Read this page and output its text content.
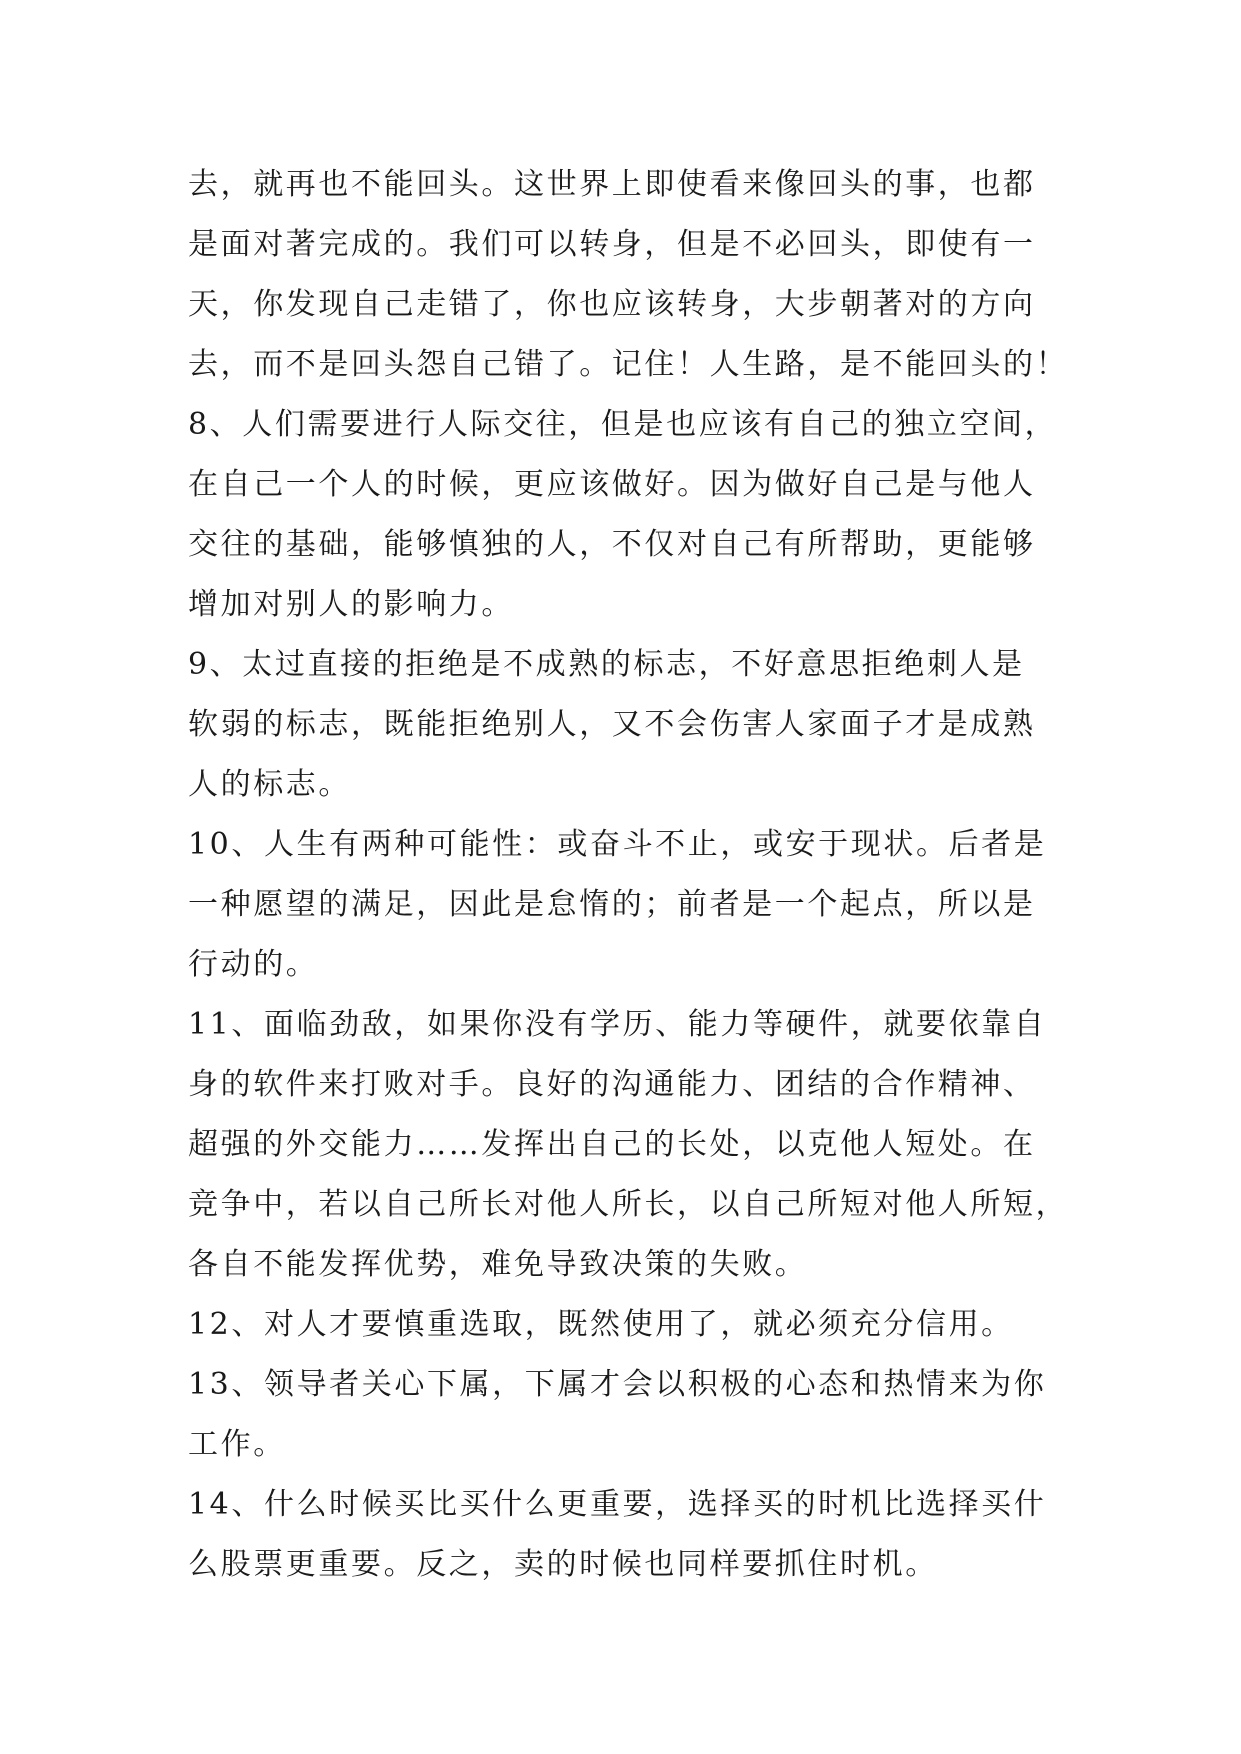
去，就再也不能回头。这世界上即使看来像回头的事，也都

是面对著完成的。我们可以转身，但是不必回头，即使有一

天，你发现自己走错了，你也应该转身，大步朝著对的方向

去，而不是回头怨自己错了。记住！人生路，是不能回头的！

8、人们需要进行人际交往，但是也应该有自己的独立空间，

在自己一个人的时候，更应该做好。因为做好自己是与他人

交往的基础，能够慎独的人，不仅对自己有所帮助，更能够

增加对别人的影响力。

9、太过直接的拒绝是不成熟的标志，不好意思拒绝刺人是

软弱的标志，既能拒绝别人，又不会伤害人家面子才是成熟

人的标志。

10、人生有两种可能性：或奋斗不止，或安于现状。后者是

一种愿望的满足，因此是怠惰的；前者是一个起点，所以是

行动的。

11、面临劲敌，如果你没有学历、能力等硬件，就要依靠自

身的软件来打败对手。良好的沟通能力、团结的合作精神、

超强的外交能力……发挥出自己的长处，以克他人短处。在

竞争中，若以自己所长对他人所长，以自己所短对他人所短，

各自不能发挥优势，难免导致决策的失败。

12、对人才要慎重选取，既然使用了，就必须充分信用。

13、领导者关心下属，下属才会以积极的心态和热情来为你

工作。

14、什么时候买比买什么更重要，选择买的时机比选择买什

么股票更重要。反之，卖的时候也同样要抓住时机。
